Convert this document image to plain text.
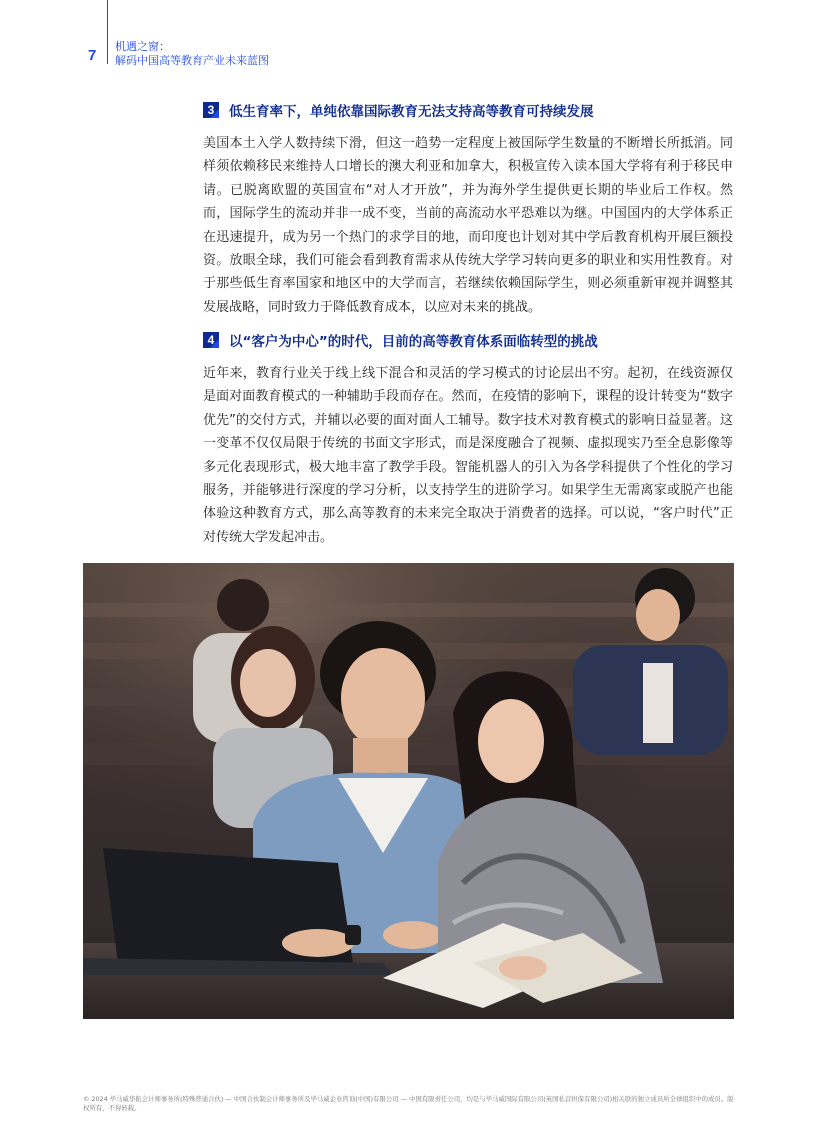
7
机遇之窗：
解码中国高等教育产业未来蓝图
3	低生育率下，单纯依靠国际教育无法支持高等教育可持续发展

美国本土入学人数持续下滑，但这一趋势一定程度上被国际学生数量的不断增长所抵消。同样须依赖移民来维持人口增长的澳大利亚和加拿大，积极宣传入读本国大学将有利于移民申请。已脱离欧盟的英国宣布“对人才开放”，并为海外学生提供更长期的毕业后工作权。然而，国际学生的流动并非一成不变，当前的高流动水平恐难以为继。中国国内的大学体系正在迅速提升，成为另一个热门的求学目的地，而印度也计划对其中学后教育机构开展巨额投资。放眼全球，我们可能会看到教育需求从传统大学学习转向更多的职业和实用性教育。对于那些低生育率国家和地区中的大学而言，若继续依赖国际学生，则必须重新审视并调整其发展战略，同时致力于降低教育成本，以应对未来的挑战。

4	以“客户为中心”的时代，目前的高等教育体系面临转型的挑战

近年来，教育行业关于线上线下混合和灵活的学习模式的讨论层出不穷。起初，在线资源仅是面对面教育模式的一种辅助手段而存在。然而，在疫情的影响下，课程的设计转变为“数字优先”的交付方式，并辅以必要的面对面人工辅导。数字技术对教育模式的影响日益显著。这一变革不仅仅局限于传统的书面文字形式，而是深度融合了视频、虚拟现实乃至全息影像等多元化表现形式，极大地丰富了教学手段。智能机器人的引入为各学科提供了个性化的学习服务，并能够进行深度的学习分析，以支持学生的进阶学习。如果学生无需离家或脱产也能体验这种教育方式，那么高等教育的未来完全取决于消费者的选择。可以说，“客户时代”正对传统大学发起冲击。

© 2024 毕马威华振会计师事务所(特殊普通合伙) — 中国合伙制会计师事务所及毕马威企业咨询(中国)有限公司 — 中国有限责任公司，均是与毕马威国际有限公司(英国私营担保有限公司)相关联的独立成员所全球组织中的成员。版权所有，不得转载。
